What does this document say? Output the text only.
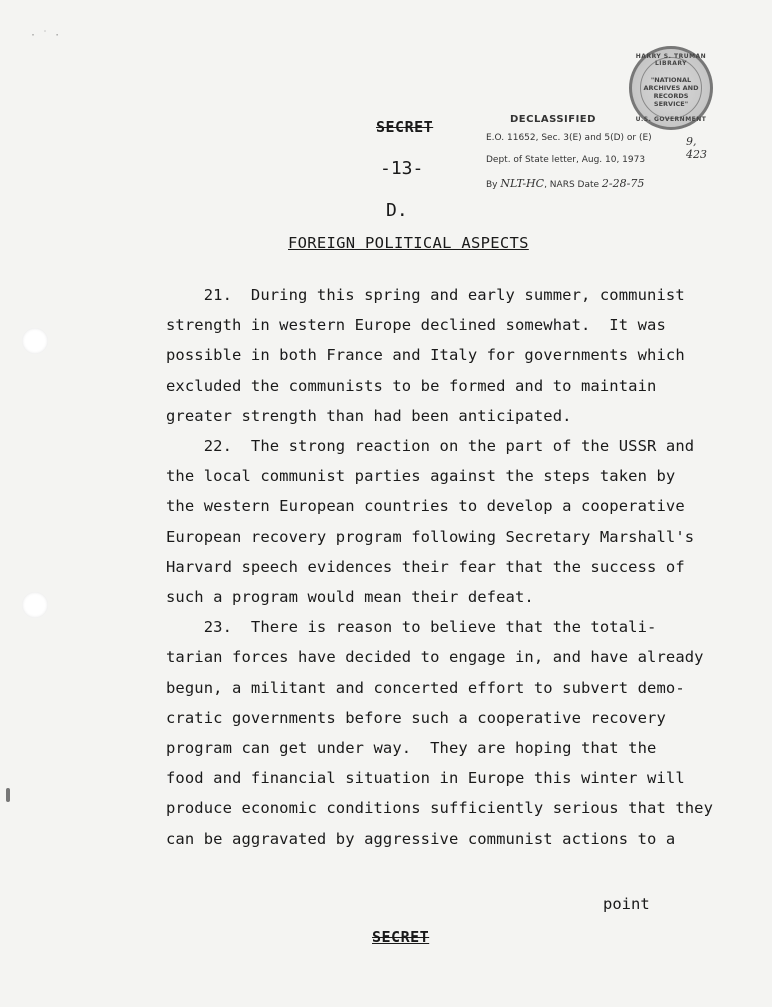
· ˙ ·
HARRY S. TRUMAN LIBRARY
"NATIONAL
ARCHIVES AND
RECORDS
SERVICE"
U.S. GOVERNMENT
SECRET
-13-
DECLASSIFIED
E.O. 11652, Sec. 3(E) and 5(D) or (E)	9, 423
Dept. of State letter, Aug. 10, 1973
By NLT-HC, NARS Date 2-28-75
D.
FOREIGN POLITICAL ASPECTS
21.  During this spring and early summer, communist
strength in western Europe declined somewhat.  It was
possible in both France and Italy for governments which
excluded the communists to be formed and to maintain
greater strength than had been anticipated.
22.  The strong reaction on the part of the USSR and
the local communist parties against the steps taken by
the western European countries to develop a cooperative
European recovery program following Secretary Marshall's
Harvard speech evidences their fear that the success of
such a program would mean their defeat.
23.  There is reason to believe that the totali-
tarian forces have decided to engage in, and have already
begun, a militant and concerted effort to subvert demo-
cratic governments before such a cooperative recovery
program can get under way.  They are hoping that the
food and financial situation in Europe this winter will
produce economic conditions sufficiently serious that they
can be aggravated by aggressive communist actions to a
point
SECRET
